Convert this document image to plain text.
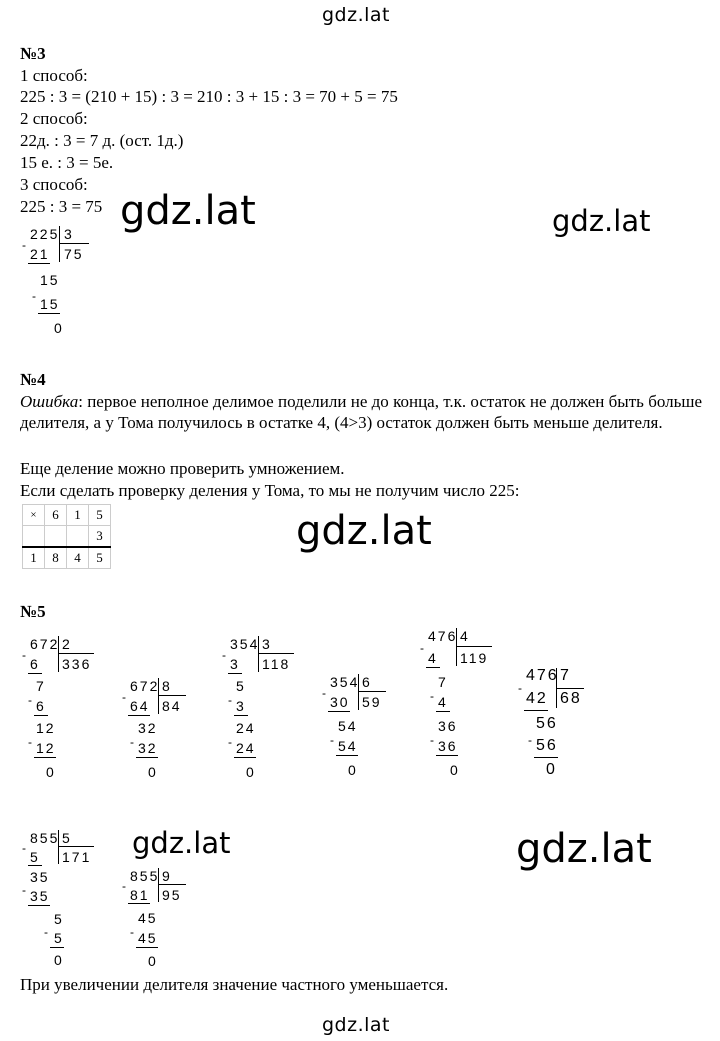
gdz.lat
gdz.lat	gdz.lat
gdz.lat
gdz.lat	gdz.lat
gdz.lat
№3
1 способ:
225 : 3 = (210 + 15) : 3 = 210 : 3 + 15 : 3 = 70 + 5 = 75
2 способ:
22д. : 3 = 7 д. (ост. 1д.)
15 е. : 3 = 5е.
3 способ:
225 : 3 = 75
225 3
75
-
21
15
- 15
0
№4
Ошибка: первое неполное делимое поделили не до конца, т.к. остаток не должен быть больше делителя, а у Тома получилось в остатке 4, (4>3) остаток должен быть меньше делителя.
Еще деление можно проверить умножением.
Если сделать проверку деления у Тома, то мы не получим число 225:
×	6	1	5
			3
1	8	4	5
№5
672 2
336
-
6
7
- 6
12
- 12
0
672 8
84
-
64
32
- 32
0
354 3
118
-
3
5
- 3
24
- 24
0
354 6
59
-
30
54
- 54
0
476 4
119
-
4
7
- 4
36
- 36
0
476 7
68
-
42
56
- 56
0
855 5
171
-
5
35
- 35
5
- 5
0
855 9
95
-
81
45
- 45
0
При увеличении делителя значение частного уменьшается.
